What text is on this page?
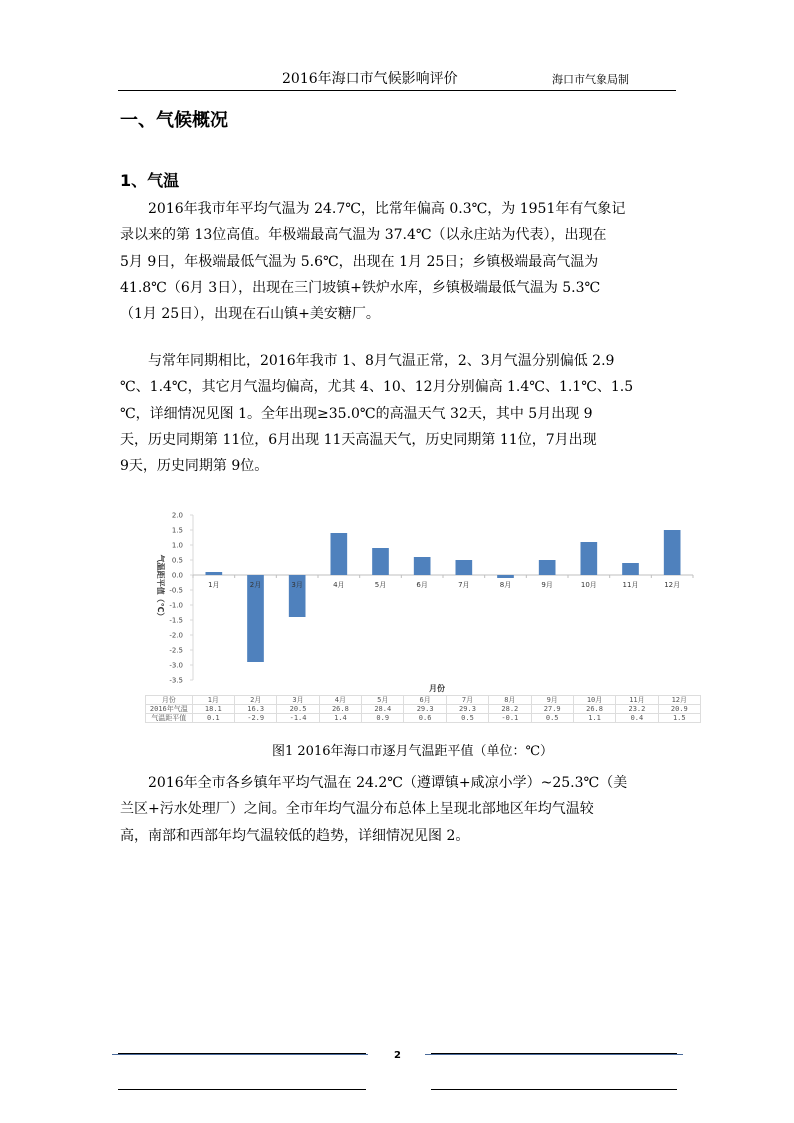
2016年海口市气候影响评价	海口市气象局制
一、气候概况
1、气温

2016年我市年平均气温为 24.7℃，比常年偏高 0.3℃，为 1951年有气象记
录以来的第 13位高值。年极端最高气温为 37.4℃（以永庄站为代表），出现在
5月 9日，年极端最低气温为 5.6℃，出现在 1月 25日；乡镇极端最高气温为
41.8℃（6月 3日），出现在三门坡镇+铁炉水库，乡镇极端最低气温为 5.3℃
（1月 25日），出现在石山镇+美安糖厂。

与常年同期相比，2016年我市 1、8月气温正常，2、3月气温分别偏低 2.9
℃、1.4℃，其它月气温均偏高，尤其 4、10、12月分别偏高 1.4℃、1.1℃、1.5
℃，详细情况见图 1。全年出现≥35.0℃的高温天气 32天，其中 5月出现 9
天，历史同期第 11位，6月出现 11天高温天气，历史同期第 11位，7月出现
9天，历史同期第 9位。

2.0
1.5
1.0
0.5
0.0
-0.5
-1.0
-1.5
-2.0
-2.5
-3.0
-3.5
气温距平值（℃）	1月	2月	3月	4月	5月	6月	7月	8月	9月	10月	11月	12月
月份
月份	1月	2月	3月	4月	5月	6月	7月	8月	9月	10月	11月	12月
2016年气温	18.1	16.3	20.5	26.8	28.4	29.3	29.3	28.2	27.9	26.8	23.2	20.9
气温距平值	0.1	-2.9	-1.4	1.4	0.9	0.6	0.5	-0.1	0.5	1.1	0.4	1.5
图1 2016年海口市逐月气温距平值（单位：℃）

2016年全市各乡镇年平均气温在 24.2℃（遵谭镇+咸凉小学）~25.3℃（美
兰区+污水处理厂）之间。全市年均气温分布总体上呈现北部地区年均气温较
高，南部和西部年均气温较低的趋势，详细情况见图 2。

2
